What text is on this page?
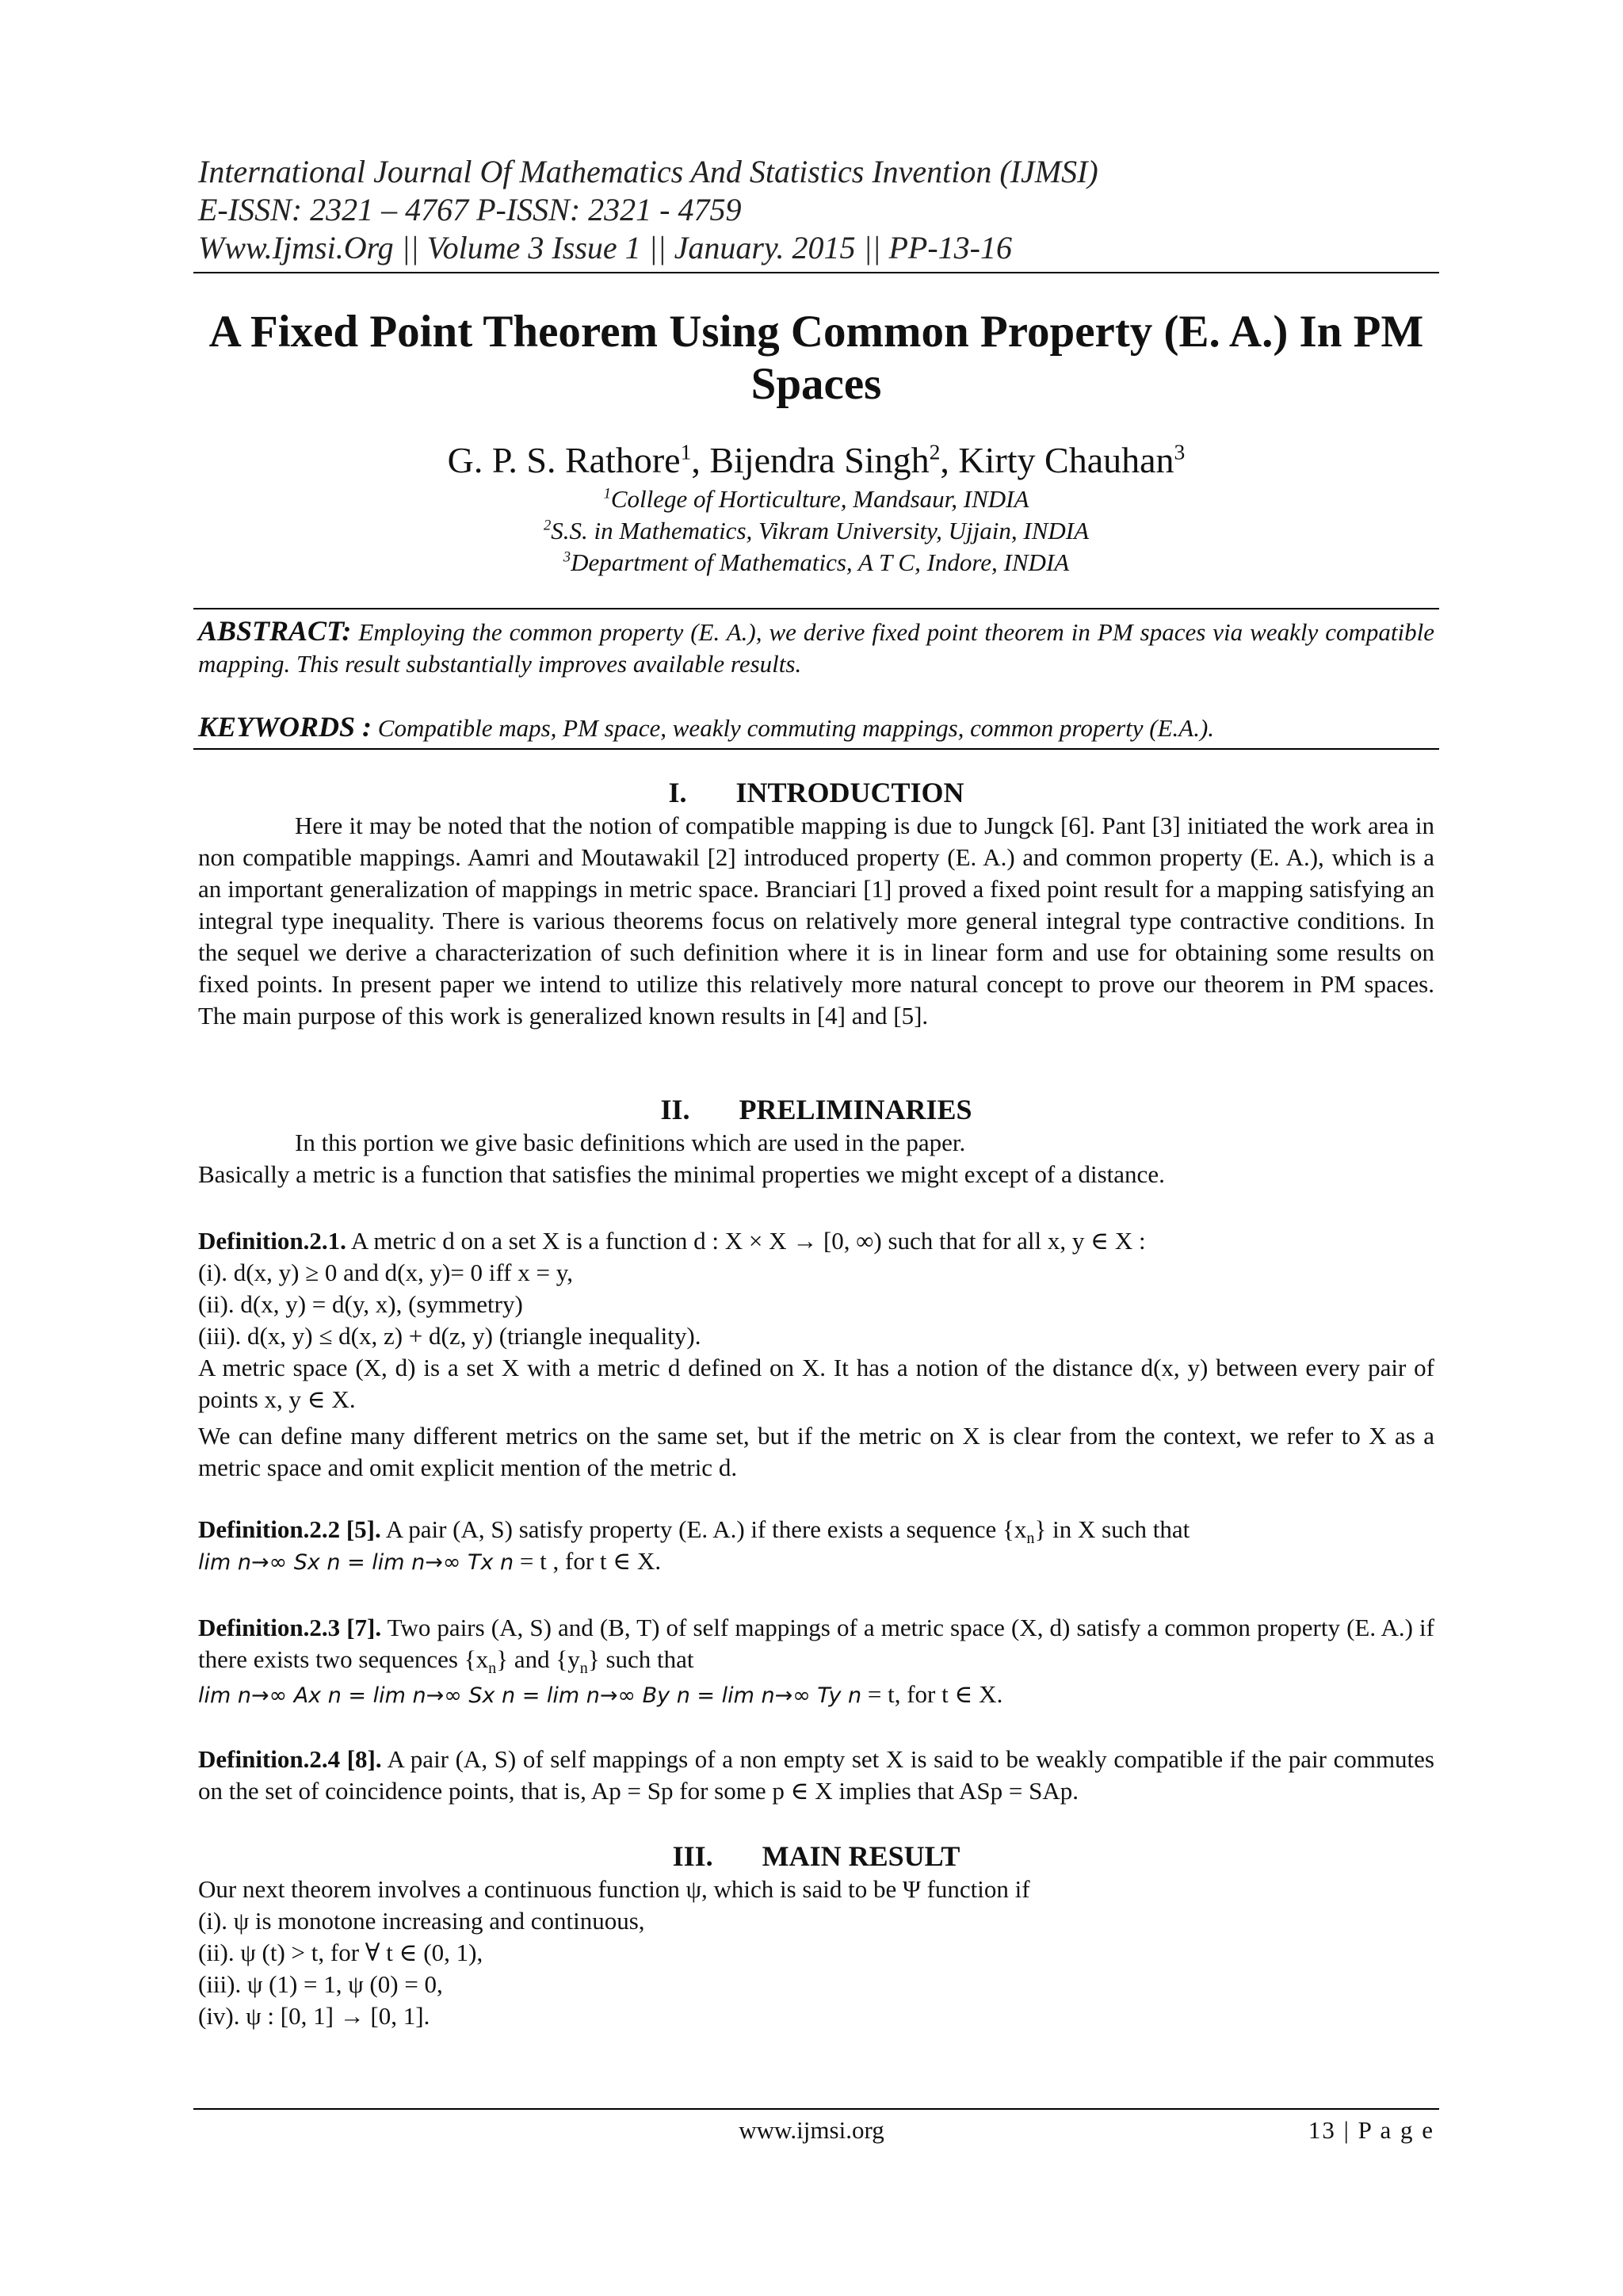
International Journal Of Mathematics And Statistics Invention (IJMSI)
E-ISSN: 2321 – 4767 P-ISSN: 2321 - 4759
Www.Ijmsi.Org || Volume 3 Issue 1 || January. 2015 || PP-13-16
A Fixed Point Theorem Using Common Property (E. A.) In PM
Spaces
G. P. S. Rathore$^1$, Bijendra Singh$^2$, Kirty Chauhan$^3$
$^1$College of Horticulture, Mandsaur, INDIA
$^2$S.S. in Mathematics, Vikram University, Ujjain, INDIA
$^3$Department of Mathematics, A T C, Indore, INDIA
ABSTRACT: Employing the common property (E. A.), we derive fixed point theorem in PM spaces via weakly compatible mapping. This result substantially improves available results.
KEYWORDS : Compatible maps, PM space, weakly commuting mappings, common property (E.A.).
I. INTRODUCTION
Here it may be noted that the notion of compatible mapping is due to Jungck [6]. Pant [3] initiated the work area in non compatible mappings. Aamri and Moutawakil [2] introduced property (E. A.) and common property (E. A.), which is a an important generalization of mappings in metric space. Branciari [1] proved a fixed point result for a mapping satisfying an integral type inequality. There is various theorems focus on relatively more general integral type contractive conditions. In the sequel we derive a characterization of such definition where it is in linear form and use for obtaining some results on fixed points. In present paper we intend to utilize this relatively more natural concept to prove our theorem in PM spaces. The main purpose of this work is generalized known results in [4] and [5].
II. PRELIMINARIES
In this portion we give basic definitions which are used in the paper.
Basically a metric is a function that satisfies the minimal properties we might except of a distance.
Definition.2.1. A metric d on a set X is a function d : X × X → [0, ∞) such that for all x, y ∈ X :
(i). d(x, y) ≥ 0 and d(x, y)= 0 iff x = y,
(ii). d(x, y) = d(y, x), (symmetry)
(iii). d(x, y) ≤ d(x, z) + d(z, y) (triangle inequality).
A metric space (X, d) is a set X with a metric d defined on X. It has a notion of the distance d(x, y) between every pair of points x, y ∈ X.
We can define many different metrics on the same set, but if the metric on X is clear from the context, we refer to X as a metric space and omit explicit mention of the metric d.
Definition.2.2 [5]. A pair (A, S) satisfy property (E. A.) if there exists a sequence $\{x_n\}$ in X such that
lim n→∞ Sx n = lim n→∞ Tx n = t , for t ∈ X.
Definition.2.3 [7]. Two pairs (A, S) and (B, T) of self mappings of a metric space (X, d) satisfy a common property (E. A.) if there exists two sequences $\{x_n\}$ and $\{y_n\}$ such that
lim n→∞ Ax n = lim n→∞ Sx n = lim n→∞ By n = lim n→∞ Ty n = t, for t ∈ X.
Definition.2.4 [8]. A pair (A, S) of self mappings of a non empty set X is said to be weakly compatible if the pair commutes on the set of coincidence points, that is, Ap = Sp for some p ∈ X implies that ASp = SAp.
III. MAIN RESULT
Our next theorem involves a continuous function ψ, which is said to be Ψ function if
(i). ψ is monotone increasing and continuous,
(ii). ψ (t) > t, for ∀ t ∈ (0, 1),
(iii). ψ (1) = 1, ψ (0) = 0,
(iv). ψ : [0, 1] → [0, 1].
www.ijmsi.org	13 | P a g e
